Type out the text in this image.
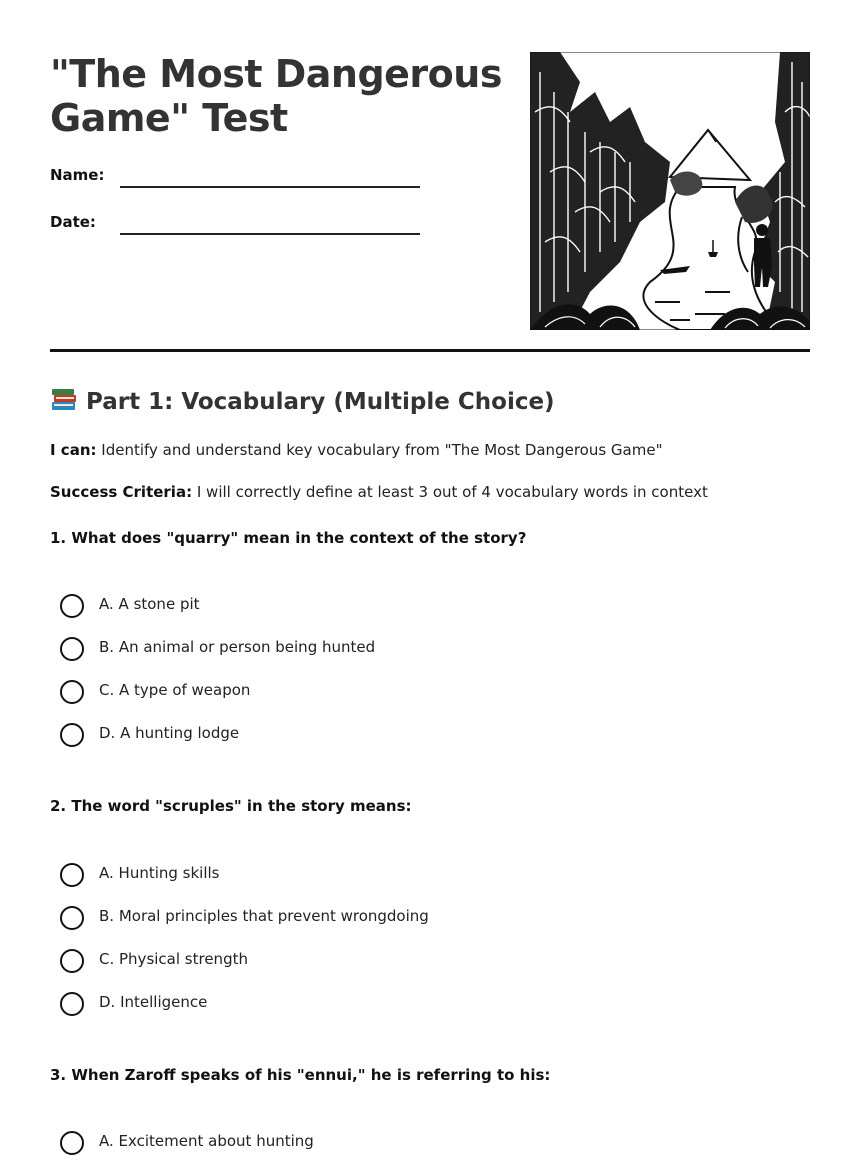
"The Most Dangerous Game" Test
Name:
Date:
Part 1: Vocabulary (Multiple Choice)
I can: Identify and understand key vocabulary from "The Most Dangerous Game"
Success Criteria: I will correctly define at least 3 out of 4 vocabulary words in context
1. What does "quarry" mean in the context of the story?
A. A stone pit
B. An animal or person being hunted
C. A type of weapon
D. A hunting lodge
2. The word "scruples" in the story means:
A. Hunting skills
B. Moral principles that prevent wrongdoing
C. Physical strength
D. Intelligence
3. When Zaroff speaks of his "ennui," he is referring to his:
A. Excitement about hunting
